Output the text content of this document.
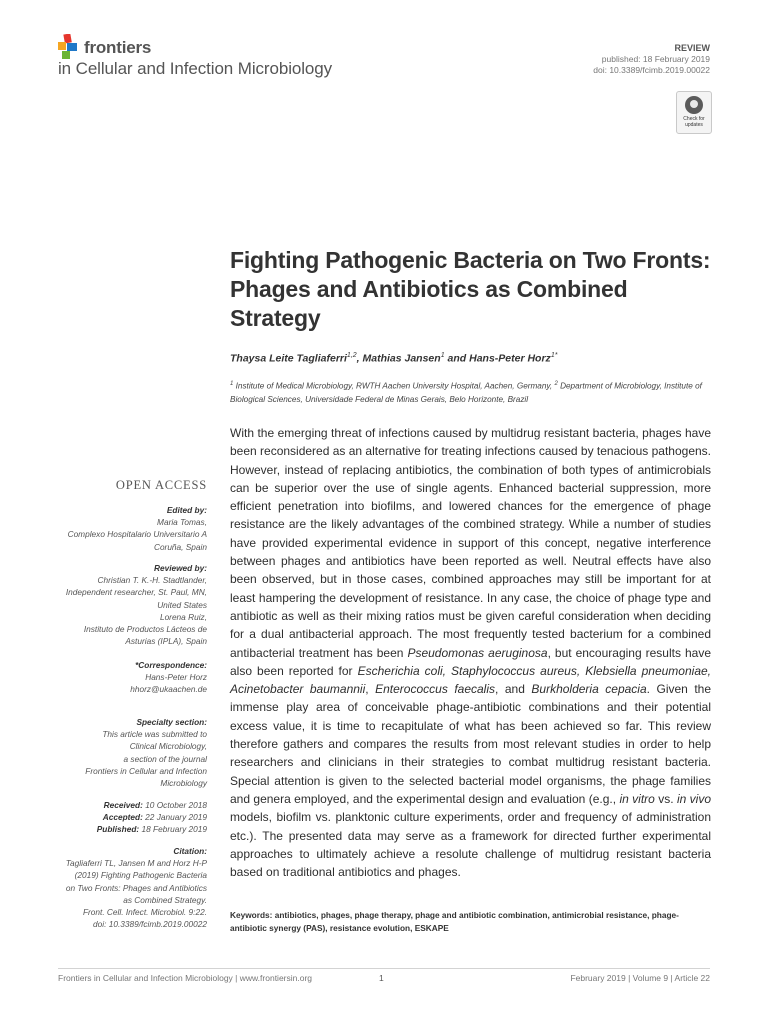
frontiers
in Cellular and Infection Microbiology
REVIEW
published: 18 February 2019
doi: 10.3389/fcimb.2019.00022
Check for updates
Fighting Pathogenic Bacteria on Two Fronts: Phages and Antibiotics as Combined Strategy
Thaysa Leite Tagliaferri$^{1,2}$, Mathias Jansen$^1$ and Hans-Peter Horz$^{1*}$
$^1$ Institute of Medical Microbiology, RWTH Aachen University Hospital, Aachen, Germany, $^2$ Department of Microbiology, Institute of Biological Sciences, Universidade Federal de Minas Gerais, Belo Horizonte, Brazil
OPEN ACCESS
Edited by:
Maria Tomas,
Complexo Hospitalario Universitario A
Coruña, Spain
Reviewed by:
Christian T. K.-H. Stadtlander,
Independent researcher, St. Paul, MN,
United States
Lorena Ruiz,
Instituto de Productos Lácteos de
Asturias (IPLA), Spain
*Correspondence:
Hans-Peter Horz
hhorz@ukaachen.de
Specialty section:
This article was submitted to
Clinical Microbiology,
a section of the journal
Frontiers in Cellular and Infection
Microbiology
Received: 10 October 2018
Accepted: 22 January 2019
Published: 18 February 2019
Citation:
Tagliaferri TL, Jansen M and Horz H-P
(2019) Fighting Pathogenic Bacteria
on Two Fronts: Phages and Antibiotics
as Combined Strategy.
Front. Cell. Infect. Microbiol. 9:22.
doi: 10.3389/fcimb.2019.00022

With the emerging threat of infections caused by multidrug resistant bacteria, phages have been reconsidered as an alternative for treating infections caused by tenacious pathogens. However, instead of replacing antibiotics, the combination of both types of antimicrobials can be superior over the use of single agents. Enhanced bacterial suppression, more efficient penetration into biofilms, and lowered chances for the emergence of phage resistance are the likely advantages of the combined strategy. While a number of studies have provided experimental evidence in support of this concept, negative interference between phages and antibiotics have been reported as well. Neutral effects have also been observed, but in those cases, combined approaches may still be important for at least hampering the development of resistance. In any case, the choice of phage type and antibiotic as well as their mixing ratios must be given careful consideration when deciding for a dual antibacterial approach. The most frequently tested bacterium for a combined antibacterial treatment has been Pseudomonas aeruginosa, but encouraging results have also been reported for Escherichia coli, Staphylococcus aureus, Klebsiella pneumoniae, Acinetobacter baumannii, Enterococcus faecalis, and Burkholderia cepacia. Given the immense play area of conceivable phage-antibiotic combinations and their potential excess value, it is time to recapitulate of what has been achieved so far. This review therefore gathers and compares the results from most relevant studies in order to help researchers and clinicians in their strategies to combat multidrug resistant bacteria. Special attention is given to the selected bacterial model organisms, the phage families and genera employed, and the experimental design and evaluation (e.g., in vitro vs. in vivo models, biofilm vs. planktonic culture experiments, order and frequency of administration etc.). The presented data may serve as a framework for directed further experimental approaches to ultimately achieve a resolute challenge of multidrug resistant bacteria based on traditional antibiotics and phages.

Keywords: antibiotics, phages, phage therapy, phage and antibiotic combination, antimicrobial resistance, phage-antibiotic synergy (PAS), resistance evolution, ESKAPE
Frontiers in Cellular and Infection Microbiology | www.frontiersin.org	1	February 2019 | Volume 9 | Article 22
